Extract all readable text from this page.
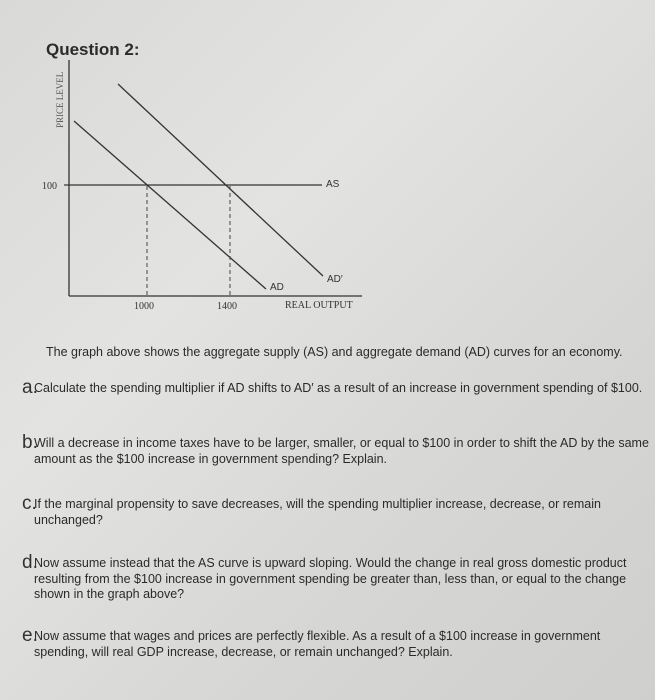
Question 2:
PRICE LEVEL
100	AS
AD
AD′
1000	1400	REAL OUTPUT
The graph above shows the aggregate supply (AS) and aggregate demand (AD) curves for an economy.
a.
Calculate the spending multiplier if AD shifts to AD′ as a result of an increase in government spending of $100.
b.
Will a decrease in income taxes have to be larger, smaller, or equal to $100 in order to shift the AD by the same amount as the $100 increase in government spending? Explain.
c.
If the marginal propensity to save decreases, will the spending multiplier increase, decrease, or remain unchanged?
d.
Now assume instead that the AS curve is upward sloping. Would the change in real gross domestic product resulting from the $100 increase in government spending be greater than, less than, or equal to the change shown in the graph above?
e.
Now assume that wages and prices are perfectly flexible. As a result of a $100 increase in government spending, will real GDP increase, decrease, or remain unchanged? Explain.
